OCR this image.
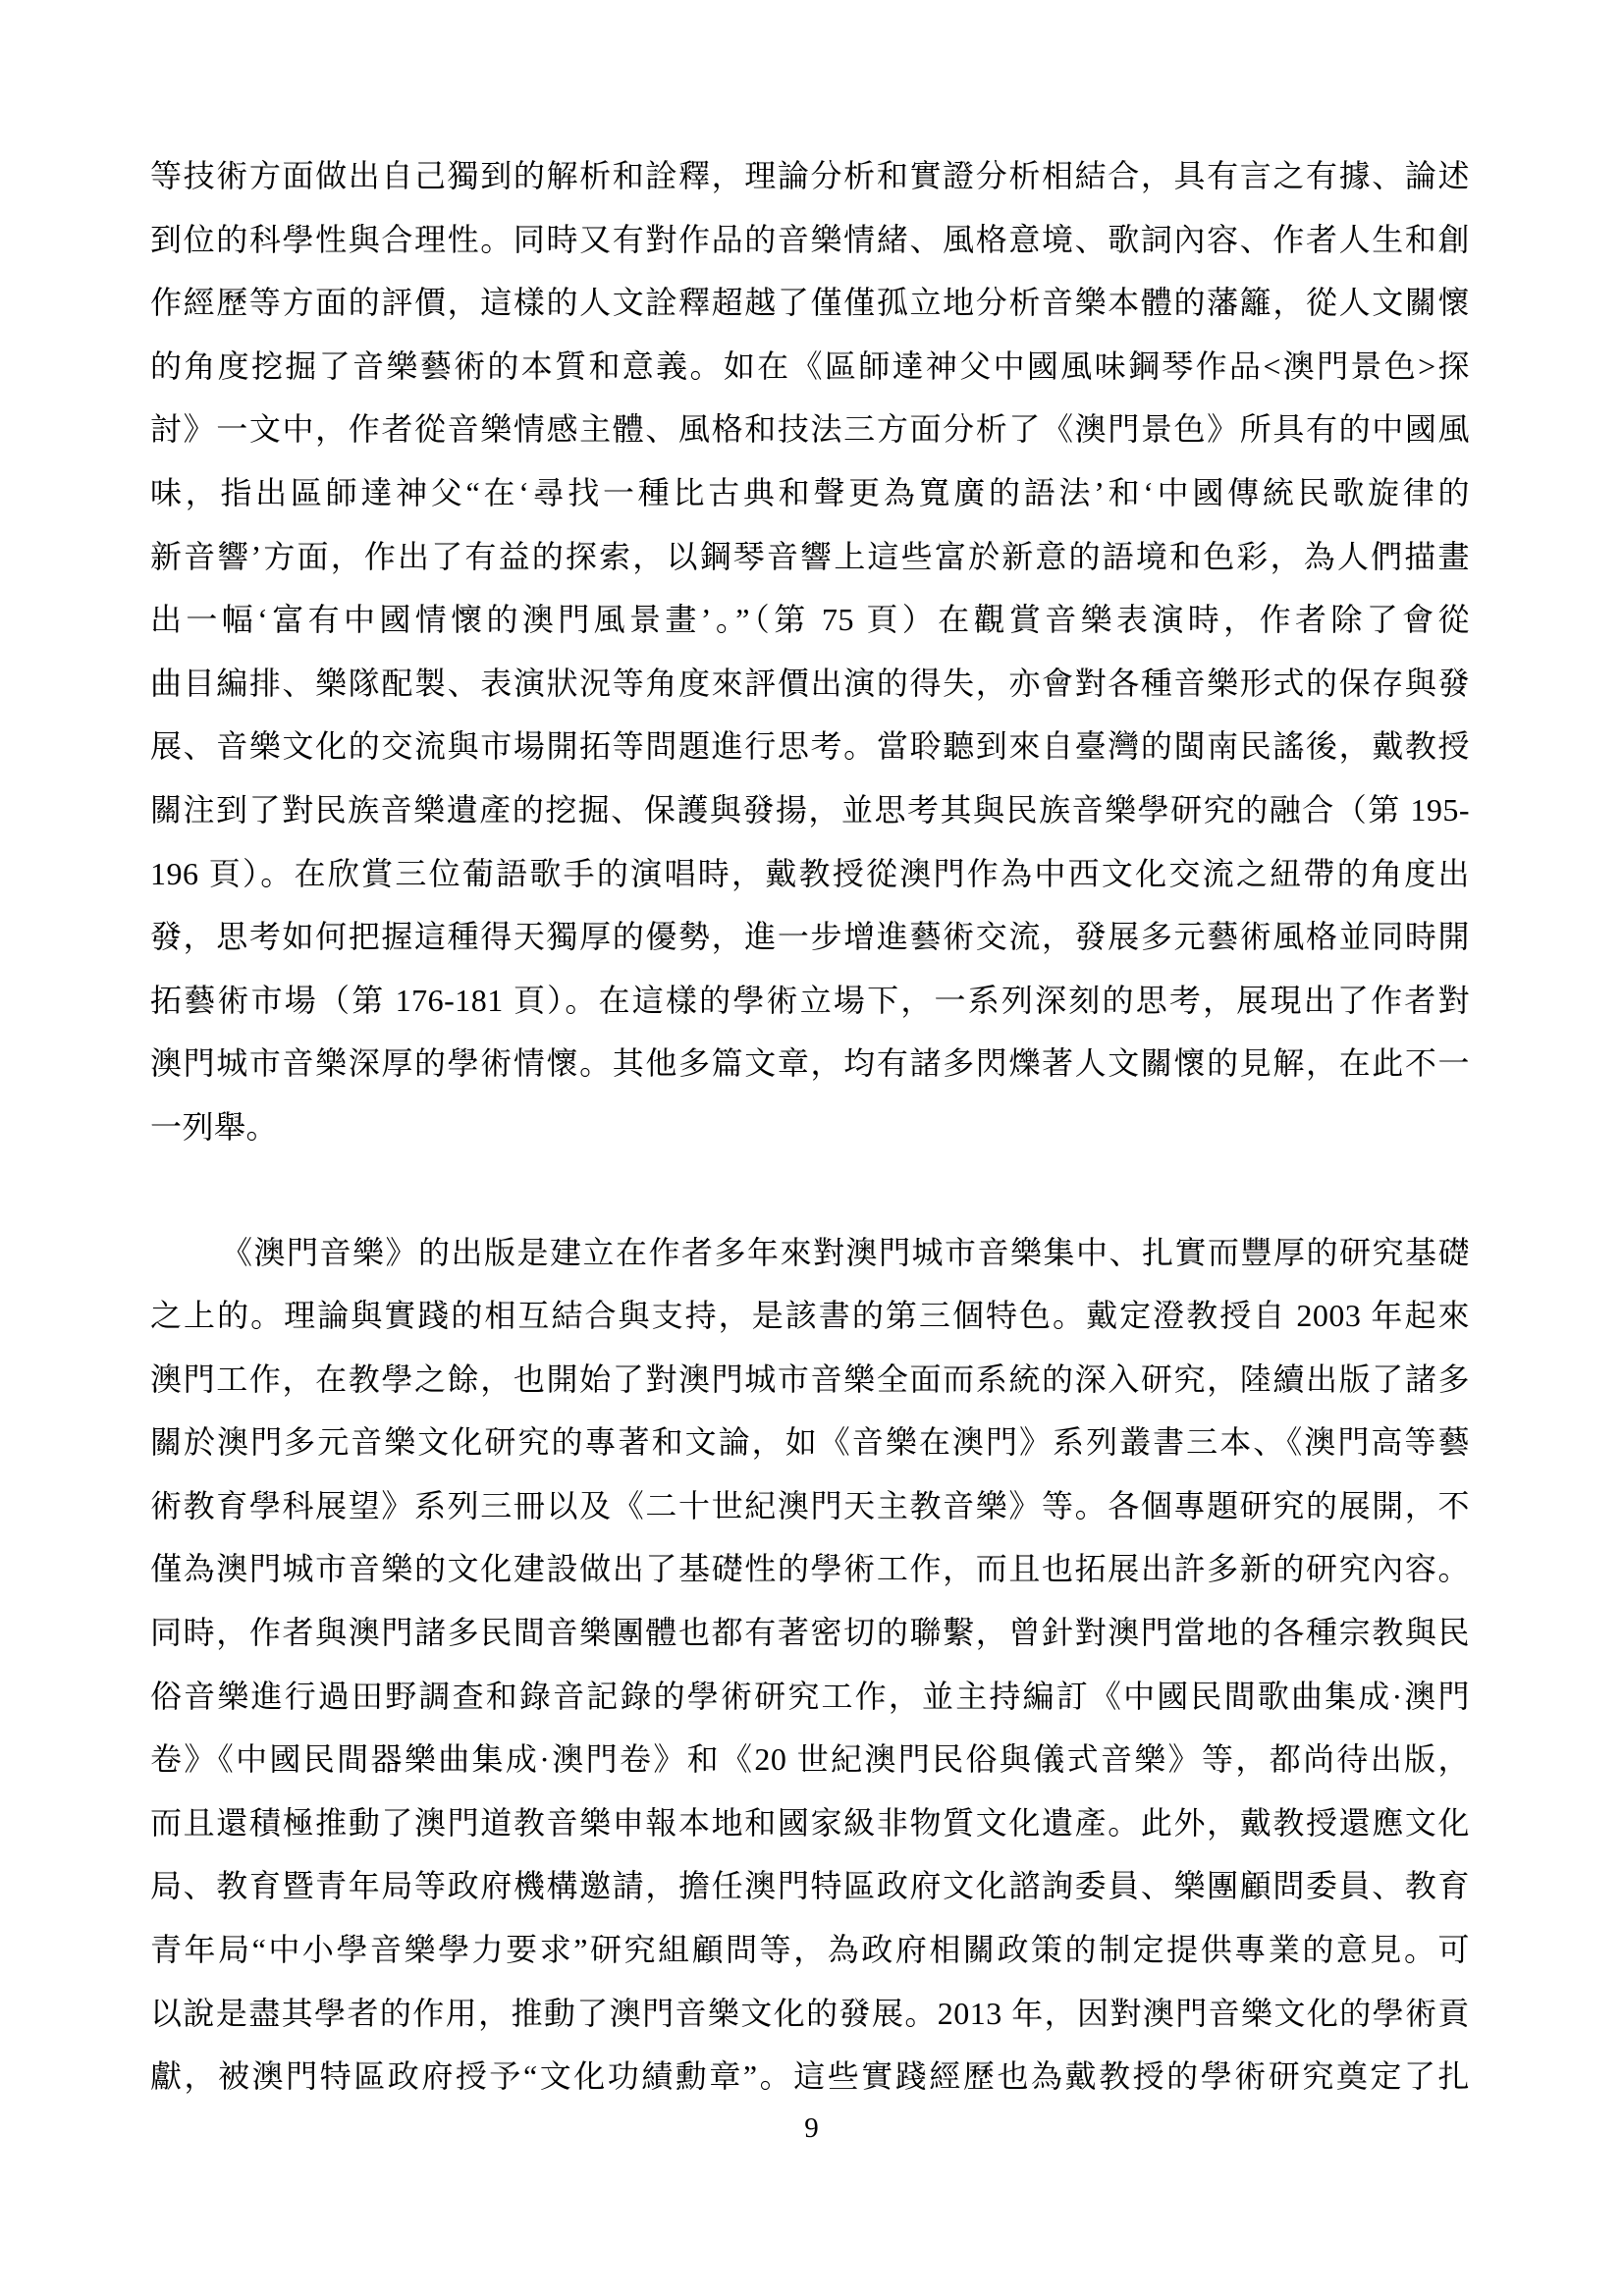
等技術方面做出自己獨到的解析和詮釋，理論分析和實證分析相結合，具有言之有據、論述
到位的科學性與合理性。同時又有對作品的音樂情緒、風格意境、歌詞內容、作者人生和創
作經歷等方面的評價，這樣的人文詮釋超越了僅僅孤立地分析音樂本體的藩籬，從人文關懷
的角度挖掘了音樂藝術的本質和意義。如在《區師達神父中國風味鋼琴作品<澳門景色>探
討》一文中，作者從音樂情感主體、風格和技法三方面分析了《澳門景色》所具有的中國風
味，指出區師達神父“在‘尋找一種比古典和聲更為寬廣的語法’和‘中國傳統民歌旋律的
新音響’方面，作出了有益的探索，以鋼琴音響上這些富於新意的語境和色彩，為人們描畫
出一幅‘富有中國情懷的澳門風景畫’。”（第 75 頁）在觀賞音樂表演時，作者除了會從
曲目編排、樂隊配製、表演狀況等角度來評價出演的得失，亦會對各種音樂形式的保存與發
展、音樂文化的交流與市場開拓等問題進行思考。當聆聽到來自臺灣的閩南民謠後，戴教授
關注到了對民族音樂遺產的挖掘、保護與發揚，並思考其與民族音樂學研究的融合（第 195-
196 頁）。在欣賞三位葡語歌手的演唱時，戴教授從澳門作為中西文化交流之紐帶的角度出
發，思考如何把握這種得天獨厚的優勢，進一步增進藝術交流，發展多元藝術風格並同時開
拓藝術市場（第 176-181 頁）。在這樣的學術立場下，一系列深刻的思考，展現出了作者對
澳門城市音樂深厚的學術情懷。其他多篇文章，均有諸多閃爍著人文關懷的見解，在此不一
一列舉。
《澳門音樂》的出版是建立在作者多年來對澳門城市音樂集中、扎實而豐厚的研究基礎
之上的。理論與實踐的相互結合與支持，是該書的第三個特色。戴定澄教授自 2003 年起來
澳門工作，在教學之餘，也開始了對澳門城市音樂全面而系統的深入研究，陸續出版了諸多
關於澳門多元音樂文化研究的專著和文論，如《音樂在澳門》系列叢書三本、《澳門高等藝
術教育學科展望》系列三冊以及《二十世紀澳門天主教音樂》等。各個專題研究的展開，不
僅為澳門城市音樂的文化建設做出了基礎性的學術工作，而且也拓展出許多新的研究內容。
同時，作者與澳門諸多民間音樂團體也都有著密切的聯繫，曾針對澳門當地的各種宗教與民
俗音樂進行過田野調查和錄音記錄的學術研究工作，並主持編訂《中國民間歌曲集成·澳門
卷》《中國民間器樂曲集成·澳門卷》和《20 世紀澳門民俗與儀式音樂》等，都尚待出版，
而且還積極推動了澳門道教音樂申報本地和國家級非物質文化遺產。此外，戴教授還應文化
局、教育暨青年局等政府機構邀請，擔任澳門特區政府文化諮詢委員、樂團顧問委員、教育
青年局“中小學音樂學力要求”研究組顧問等，為政府相關政策的制定提供專業的意見。可
以說是盡其學者的作用，推動了澳門音樂文化的發展。2013 年，因對澳門音樂文化的學術貢
獻，被澳門特區政府授予“文化功績勳章”。這些實踐經歷也為戴教授的學術研究奠定了扎
9
